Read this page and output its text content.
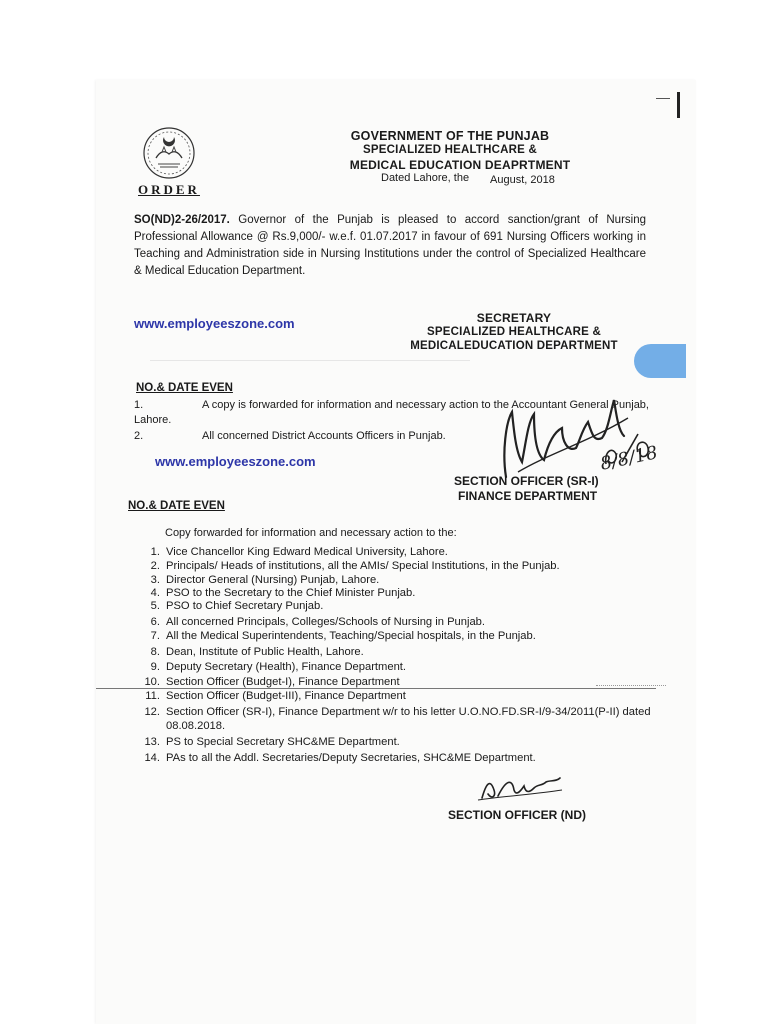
ORDER
GOVERNMENT OF THE PUNJAB
SPECIALIZED HEALTHCARE &
MEDICAL EDUCATION DEAPRTMENT
Dated Lahore, the August, 2018
SO(ND)2-26/2017. Governor of the Punjab is pleased to accord sanction/grant of Nursing Professional Allowance @ Rs.9,000/- w.e.f. 01.07.2017 in favour of 691 Nursing Officers working in Teaching and Administration side in Nursing Institutions under the control of Specialized Healthcare & Medical Education Department.
www.employeeszone.com	SECRETARY
SPECIALIZED HEALTHCARE &
MEDICALEDUCATION DEPARTMENT
NO.& DATE EVEN
1.	A copy is forwarded for information and necessary action to the Accountant General Punjab,
Lahore.
2.	All concerned District Accounts Officers in Punjab.
8/8/18
SECTION OFFICER (SR-I)
FINANCE DEPARTMENT
www.employeeszone.com
NO.& DATE EVEN
Copy forwarded for information and necessary action to the:
1. Vice Chancellor King Edward Medical University, Lahore.
2. Principals/ Heads of institutions, all the AMIs/ Special Institutions, in the Punjab.
3. Director General (Nursing) Punjab, Lahore.
4. PSO to the Secretary to the Chief Minister Punjab.
5. PSO to Chief Secretary Punjab.
6. All concerned Principals, Colleges/Schools of Nursing in Punjab.
7. All the Medical Superintendents, Teaching/Special hospitals, in the Punjab.
8. Dean, Institute of Public Health, Lahore.
9. Deputy Secretary (Health), Finance Department.
10. Section Officer (Budget-I), Finance Department
11. Section Officer (Budget-III), Finance Department
12. Section Officer (SR-I), Finance Department w/r to his letter U.O.NO.FD.SR-I/9-34/2011(P-II) dated
08.08.2018.
13. PS to Special Secretary SHC&ME Department.
14. PAs to all the Addl. Secretaries/Deputy Secretaries, SHC&ME Department.
SECTION OFFICER (ND)
